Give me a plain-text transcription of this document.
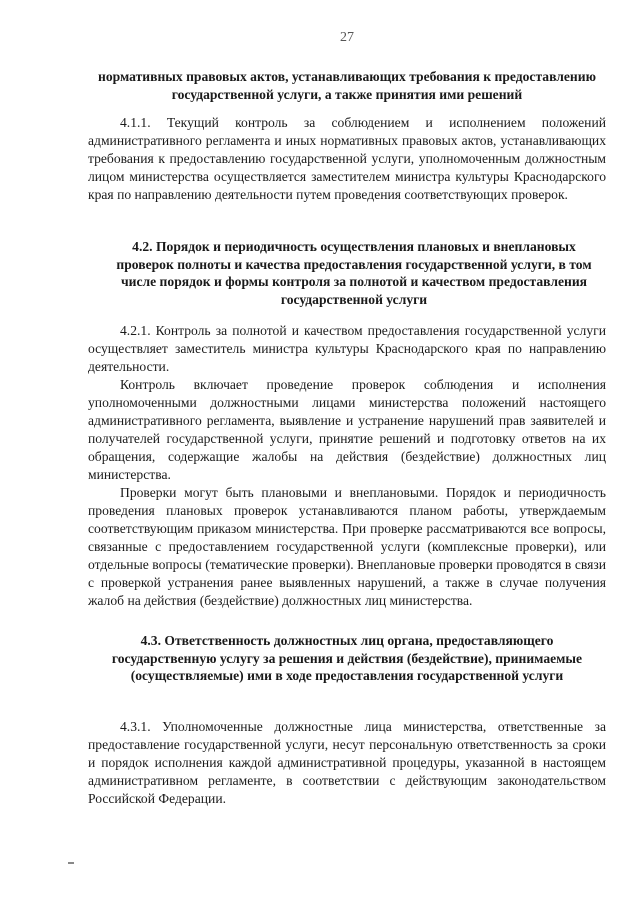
27

нормативных правовых актов, устанавливающих требования к предоставлению государственной услуги, а также принятия ими решений

4.1.1. Текущий контроль за соблюдением и исполнением положений административного регламента и иных нормативных правовых актов, устанавливающих требования к предоставлению государственной услуги, уполномоченным должностным лицом министерства осуществляется заместителем министра культуры Краснодарского края по направлению деятельности путем проведения соответствующих проверок.

4.2. Порядок и периодичность осуществления плановых и внеплановых проверок полноты и качества предоставления государственной услуги, в том числе порядок и формы контроля за полнотой и качеством предоставления государственной услуги

4.2.1. Контроль за полнотой и качеством предоставления государственной услуги осуществляет заместитель министра культуры Краснодарского края по направлению деятельности.

Контроль включает проведение проверок соблюдения и исполнения уполномоченными должностными лицами министерства положений настоящего административного регламента, выявление и устранение нарушений прав заявителей и получателей государственной услуги, принятие решений и подготовку ответов на их обращения, содержащие жалобы на действия (бездействие) должностных лиц министерства.

Проверки могут быть плановыми и внеплановыми. Порядок и периодичность проведения плановых проверок устанавливаются планом работы, утверждаемым соответствующим приказом министерства. При проверке рассматриваются все вопросы, связанные с предоставлением государственной услуги (комплексные проверки), или отдельные вопросы (тематические проверки). Внеплановые проверки проводятся в связи с проверкой устранения ранее выявленных нарушений, а также в случае получения жалоб на действия (бездействие) должностных лиц министерства.

4.3. Ответственность должностных лиц органа, предоставляющего государственную услугу за решения и действия (бездействие), принимаемые (осуществляемые) ими в ходе предоставления государственной услуги

4.3.1. Уполномоченные должностные лица министерства, ответственные за предоставление государственной услуги, несут персональную ответственность за сроки и порядок исполнения каждой административной процедуры, указанной в настоящем административном регламенте, в соответствии с действующим законодательством Российской Федерации.
